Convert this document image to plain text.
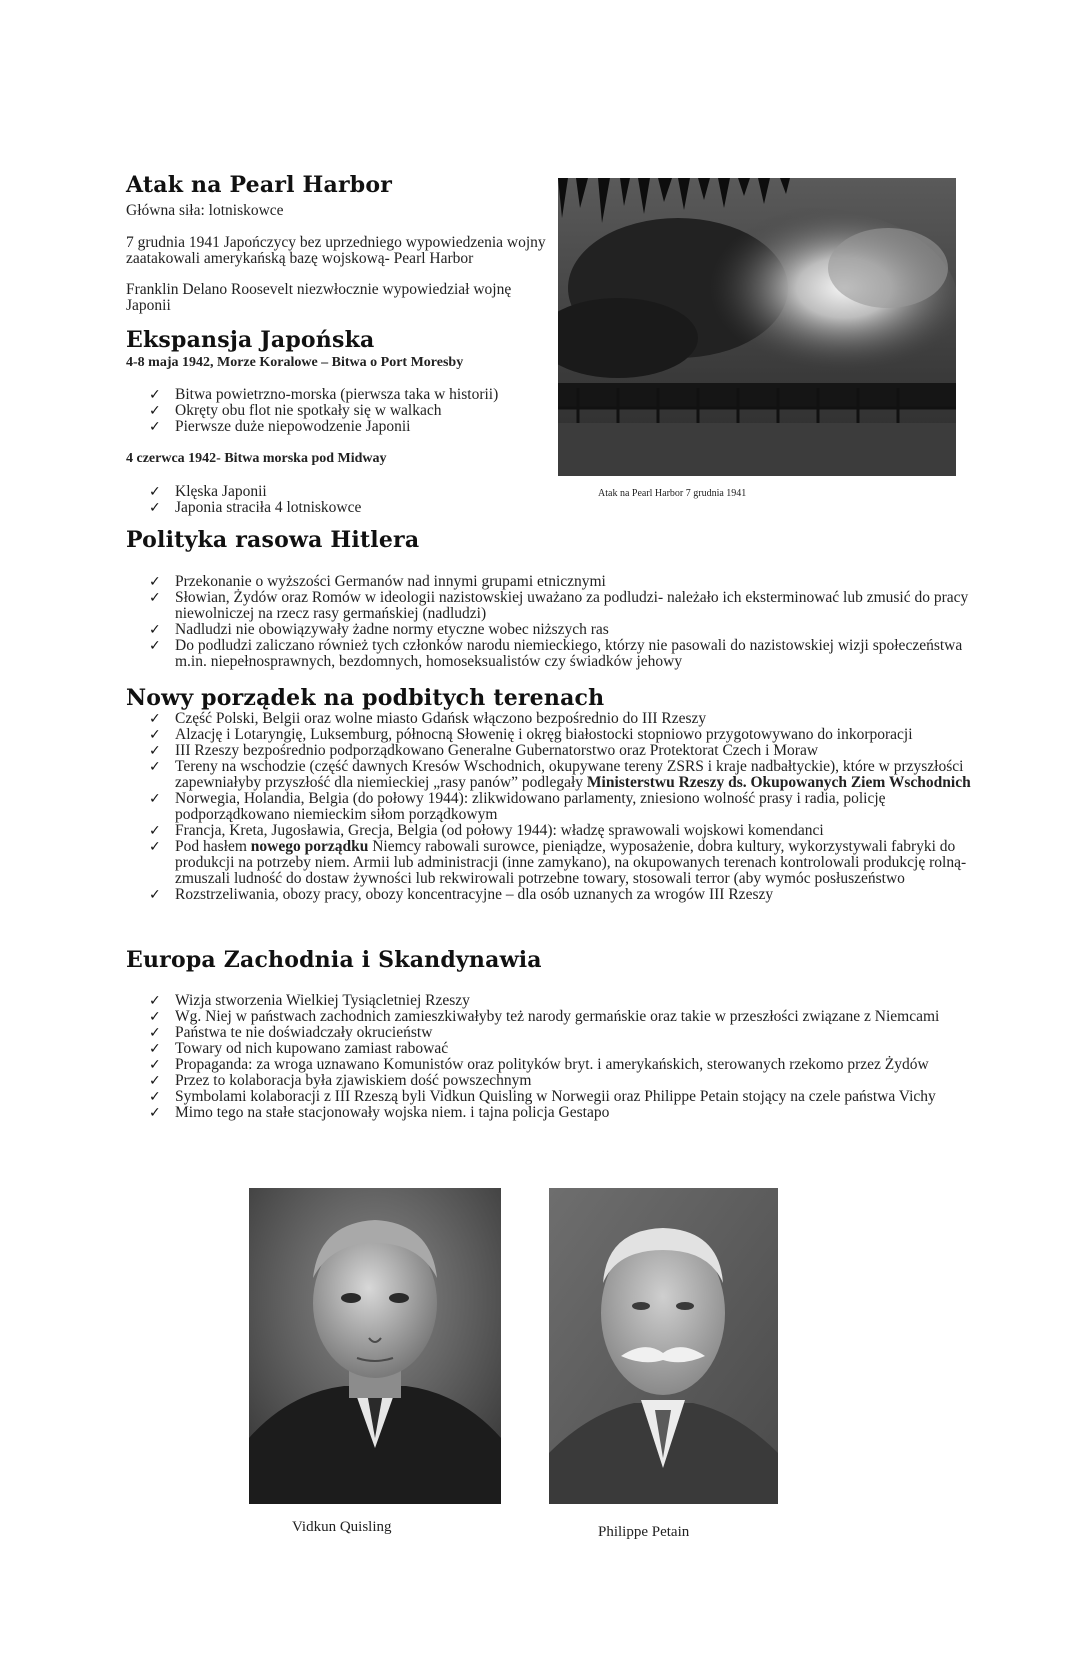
Atak na Pearl Harbor

Główna siła: lotniskowce

7 grudnia 1941 Japończycy bez uprzedniego wypowiedzenia wojny zaatakowali amerykańską bazę wojskową- Pearl Harbor

Franklin Delano Roosevelt niezwłocznie wypowiedział wojnę Japonii

Atak na Pearl Harbor 7 grudnia 1941

Ekspansja Japońska

4-8 maja 1942, Morze Koralowe – Bitwa o Port Moresby

✓ Bitwa powietrzno-morska (pierwsza taka w historii)
✓ Okręty obu flot nie spotkały się w walkach
✓ Pierwsze duże niepowodzenie Japonii

4 czerwca 1942- Bitwa morska pod Midway

✓ Klęska Japonii
✓ Japonia straciła 4 lotniskowce
Polityka rasowa Hitlera
✓ Przekonanie o wyższości Germanów nad innymi grupami etnicznymi
✓ Słowian, Żydów oraz Romów w ideologii nazistowskiej uważano za podludzi- należało ich eksterminować lub zmusić do pracy niewolniczej na rzecz rasy germańskiej (nadludzi)
✓ Nadludzi nie obowiązywały żadne normy etyczne wobec niższych ras
✓ Do podludzi zaliczano również tych członków narodu niemieckiego, którzy nie pasowali do nazistowskiej wizji społeczeństwa m.in. niepełnosprawnych, bezdomnych, homoseksualistów czy świadków jehowy
Nowy porządek na podbitych terenach
✓ Część Polski, Belgii oraz wolne miasto Gdańsk włączono bezpośrednio do III Rzeszy
✓ Alzację i Lotaryngię, Luksemburg, północną Słowenię i okręg białostocki stopniowo przygotowywano do inkorporacji
✓ III Rzeszy bezpośrednio podporządkowano Generalne Gubernatorstwo oraz Protektorat Czech i Moraw
✓ Tereny na wschodzie (część dawnych Kresów Wschodnich, okupywane tereny ZSRS i kraje nadbałtyckie), które w przyszłości zapewniałyby przyszłość dla niemieckiej „rasy panów” podlegały Ministerstwu Rzeszy ds. Okupowanych Ziem Wschodnich
✓ Norwegia, Holandia, Belgia (do połowy 1944): zlikwidowano parlamenty, zniesiono wolność prasy i radia, policję podporządkowano niemieckim siłom porządkowym
✓ Francja, Kreta, Jugosławia, Grecja, Belgia (od połowy 1944): władzę sprawowali wojskowi komendanci
✓ Pod hasłem nowego porządku Niemcy rabowali surowce, pieniądze, wyposażenie, dobra kultury, wykorzystywali fabryki do produkcji na potrzeby niem. Armii lub administracji (inne zamykano), na okupowanych terenach kontrolowali produkcję rolną- zmuszali ludność do dostaw żywności lub rekwirowali potrzebne towary, stosowali terror (aby wymóc posłuszeństwo
✓ Rozstrzeliwania, obozy pracy, obozy koncentracyjne – dla osób uznanych za wrogów III Rzeszy
Europa Zachodnia i Skandynawia
✓ Wizja stworzenia Wielkiej Tysiącletniej Rzeszy
✓ Wg. Niej w państwach zachodnich zamieszkiwałyby też narody germańskie oraz takie w przeszłości związane z Niemcami
✓ Państwa te nie doświadczały okrucieństw
✓ Towary od nich kupowano zamiast rabować
✓ Propaganda: za wroga uznawano Komunistów oraz polityków bryt. i amerykańskich, sterowanych rzekomo przez Żydów
✓ Przez to kolaboracja była zjawiskiem dość powszechnym
✓ Symbolami kolaboracji z III Rzeszą byli Vidkun Quisling w Norwegii oraz Philippe Petain stojący na czele państwa Vichy
✓ Mimo tego na stałe stacjonowały wojska niem. i tajna policja Gestapo

Vidkun Quisling	Philippe Petain
